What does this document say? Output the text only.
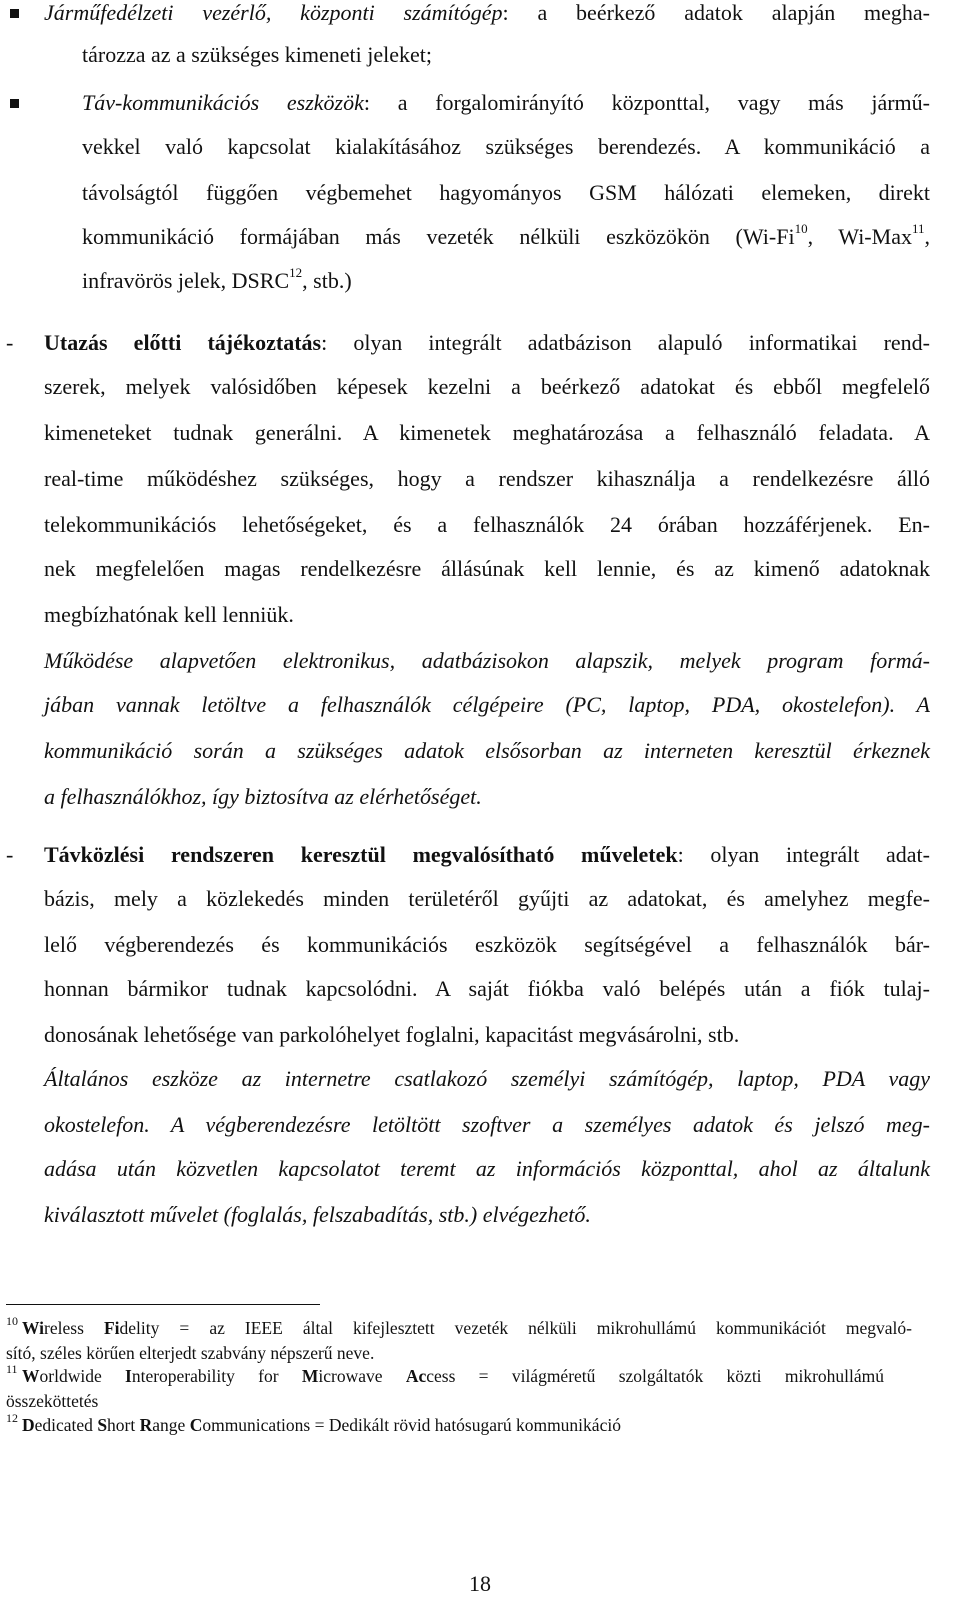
Járműfedélzeti vezérlő, központi számítógép: a beérkező adatok alapján megha-
tározza az a szükséges kimeneti jeleket;
Táv-kommunikációs eszközök: a forgalomirányító központtal, vagy más jármű-
vekkel való kapcsolat kialakításához szükséges berendezés. A kommunikáció a
távolságtól függően végbemehet hagyományos GSM hálózati elemeken, direkt
kommunikáció formájában más vezeték nélküli eszközökön (Wi-Fi$^{10}$, Wi-Max$^{11}$,
infravörös jelek, DSRC$^{12}$, stb.)
- Utazás előtti tájékoztatás: olyan integrált adatbázison alapuló informatikai rend-
szerek, melyek valósidőben képesek kezelni a beérkező adatokat és ebből megfelelő
kimeneteket tudnak generálni. A kimenetek meghatározása a felhasználó feladata. A
real-time működéshez szükséges, hogy a rendszer kihasználja a rendelkezésre álló
telekommunikációs lehetőségeket, és a felhasználók 24 órában hozzáférjenek. En-
nek megfelelően magas rendelkezésre állásúnak kell lennie, és az kimenő adatoknak
megbízhatónak kell lenniük.
Működése alapvetően elektronikus, adatbázisokon alapszik, melyek program formá-
jában vannak letöltve a felhasználók célgépeire (PC, laptop, PDA, okostelefon). A
kommunikáció során a szükséges adatok elsősorban az interneten keresztül érkeznek
a felhasználókhoz, így biztosítva az elérhetőséget.
- Távközlési rendszeren keresztül megvalósítható műveletek: olyan integrált adat-
bázis, mely a közlekedés minden területéről gyűjti az adatokat, és amelyhez megfe-
lelő végberendezés és kommunikációs eszközök segítségével a felhasználók bár-
honnan bármikor tudnak kapcsolódni. A saját fiókba való belépés után a fiók tulaj-
donosának lehetősége van parkolóhelyet foglalni, kapacitást megvásárolni, stb.
Általános eszköze az internetre csatlakozó személyi számítógép, laptop, PDA vagy
okostelefon. A végberendezésre letöltött szoftver a személyes adatok és jelszó meg-
adása után közvetlen kapcsolatot teremt az információs központtal, ahol az általunk
kiválasztott művelet (foglalás, felszabadítás, stb.) elvégezhető.
10 Wireless Fidelity = az IEEE által kifejlesztett vezeték nélküli mikrohullámú kommunikációt megvaló-
sító, széles körűen elterjedt szabvány népszerű neve.
11 Worldwide Interoperability for Microwave Access = világméretű szolgáltatók közti mikrohullámú
összeköttetés
12 Dedicated Short Range Communications = Dedikált rövid hatósugarú kommunikáció
18
